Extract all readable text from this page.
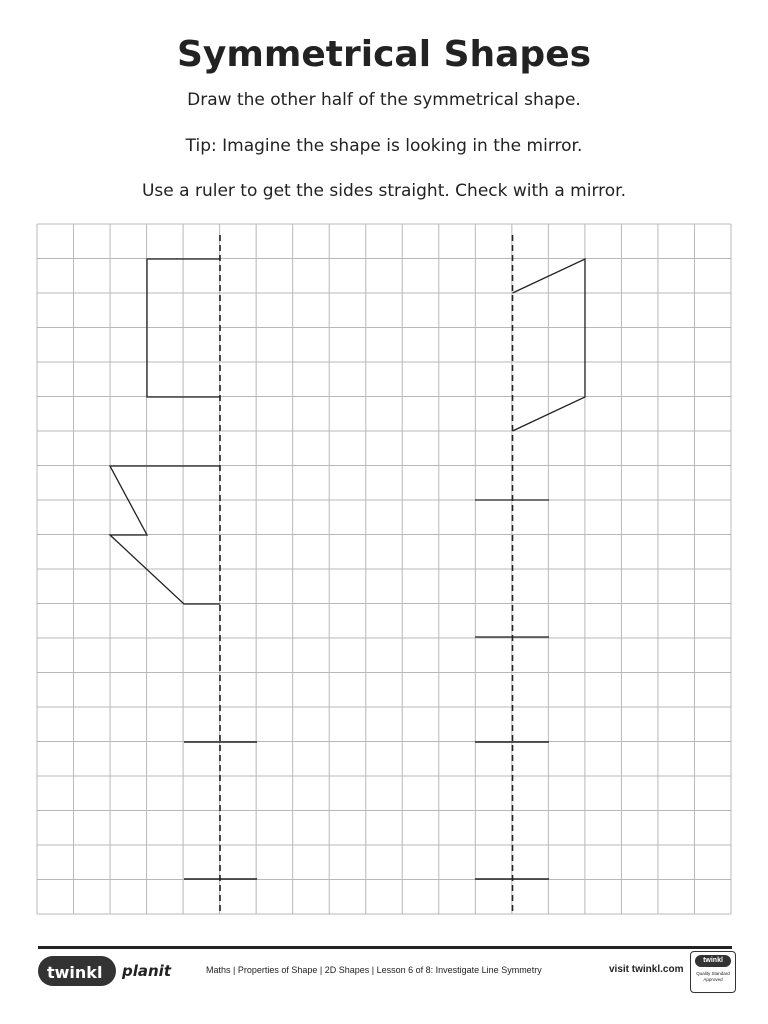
Symmetrical Shapes
Draw the other half of the symmetrical shape.
Tip: Imagine the shape is looking in the mirror.
Use a ruler to get the sides straight. Check with a mirror.
twinkl planit	Maths | Properties of Shape | 2D Shapes | Lesson 6 of 8: Investigate Line Symmetry	visit twinkl.com
twinkl
Quality Standard Approved
